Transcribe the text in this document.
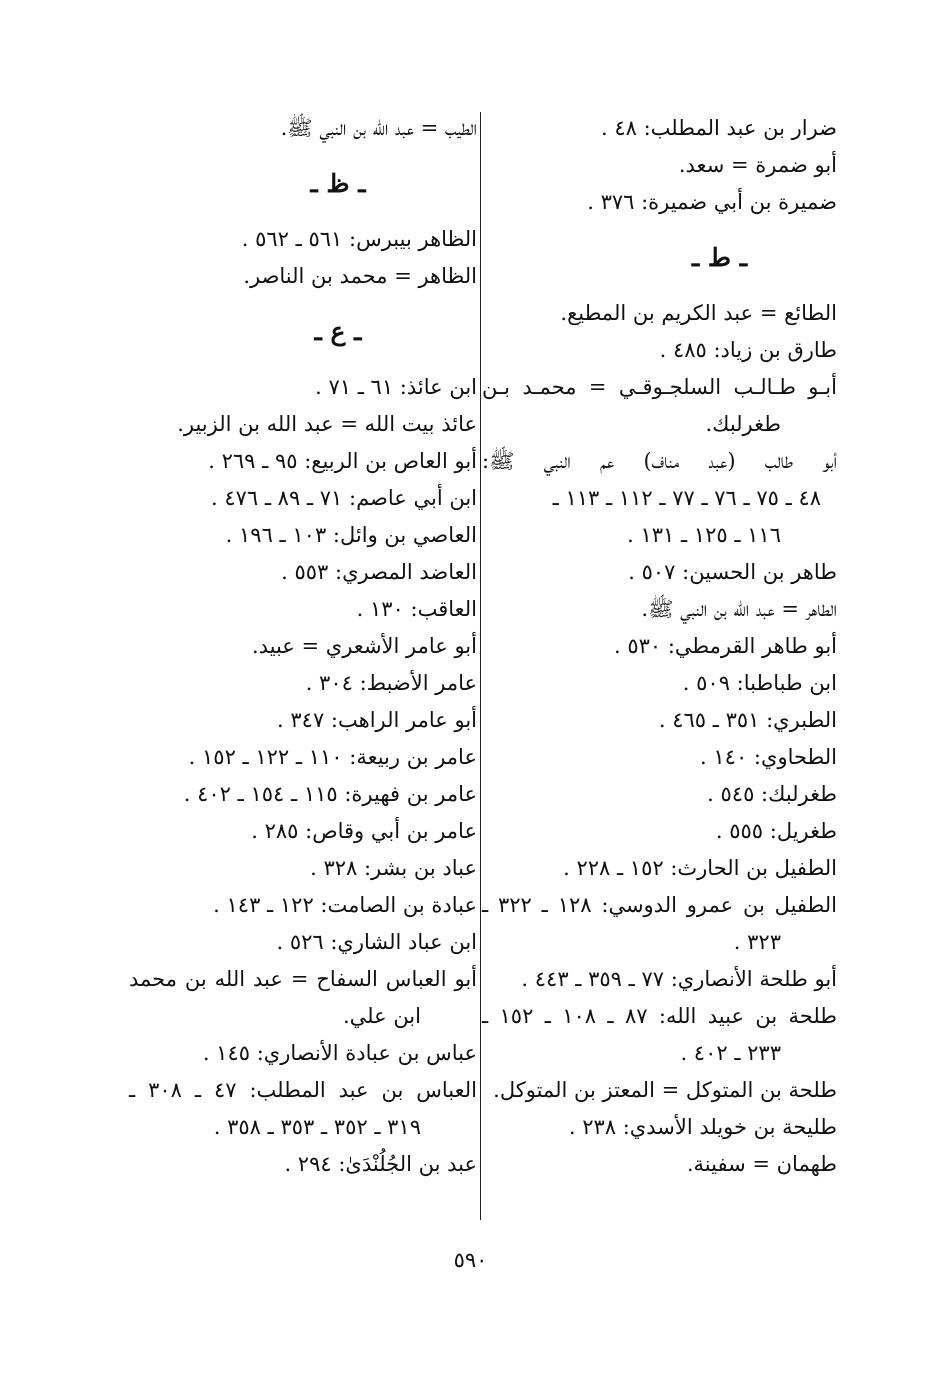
ضرار بن عبد المطلب: ٤٨ .
أبو ضمرة = سعد.
ضميرة بن أبي ضميرة: ٣٧٦ .
ـ ط ـ
الطائع = عبد الكريم بن المطيع.
طارق بن زياد: ٤٨٥ .
أبـو طـالـب السلجـوقـي = محمـد بـن
طغرلبك.
أبو طالب (عبد مناف) عم النبي ﷺ:
٤٨ ـ ٧٥ ـ ٧٦ ـ ٧٧ ـ ١١٢ ـ ١١٣ ـ
١١٦ ـ ١٢٥ ـ ١٣١ .
طاهر بن الحسين: ٥٠٧ .
الطاهر = عبد الله بن النبي ﷺ.
أبو طاهر القرمطي: ٥٣٠ .
ابن طباطبا: ٥٠٩ .
الطبري: ٣٥١ ـ ٤٦٥ .
الطحاوي: ١٤٠ .
طغرلبك: ٥٤٥ .
طغريل: ٥٥٥ .
الطفيل بن الحارث: ١٥٢ ـ ٢٢٨ .
الطفيل بن عمرو الدوسي: ١٢٨ ـ ٣٢٢ ـ
٣٢٣ .
أبو طلحة الأنصاري: ٧٧ ـ ٣٥٩ ـ ٤٤٣ .
طلحة بن عبيد الله: ٨٧ ـ ١٠٨ ـ ١٥٢ ـ
٢٣٣ ـ ٤٠٢ .
طلحة بن المتوكل = المعتز بن المتوكل.
طليحة بن خويلد الأسدي: ٢٣٨ .
طهمان = سفينة.
الطيب = عبد الله بن النبي ﷺ.
ـ ظ ـ
الظاهر بيبرس: ٥٦١ ـ ٥٦٢ .
الظاهر = محمد بن الناصر.
ـ ع ـ
ابن عائذ: ٦١ ـ ٧١ .
عائذ بيت الله = عبد الله بن الزبير.
أبو العاص بن الربيع: ٩٥ ـ ٢٦٩ .
ابن أبي عاصم: ٧١ ـ ٨٩ ـ ٤٧٦ .
العاصي بن وائل: ١٠٣ ـ ١٩٦ .
العاضد المصري: ٥٥٣ .
العاقب: ١٣٠ .
أبو عامر الأشعري = عبيد.
عامر الأضبط: ٣٠٤ .
أبو عامر الراهب: ٣٤٧ .
عامر بن ربيعة: ١١٠ ـ ١٢٢ ـ ١٥٢ .
عامر بن فهيرة: ١١٥ ـ ١٥٤ ـ ٤٠٢ .
عامر بن أبي وقاص: ٢٨٥ .
عباد بن بشر: ٣٢٨ .
عبادة بن الصامت: ١٢٢ ـ ١٤٣ .
ابن عباد الشاري: ٥٢٦ .
أبو العباس السفاح = عبد الله بن محمد
ابن علي.
عباس بن عبادة الأنصاري: ١٤٥ .
العباس بن عبد المطلب: ٤٧ ـ ٣٠٨ ـ
٣١٩ ـ ٣٥٢ ـ ٣٥٣ ـ ٣٥٨ .
عبد بن الجُلُنْدَىٰ: ٢٩٤ .
٥٩٠
